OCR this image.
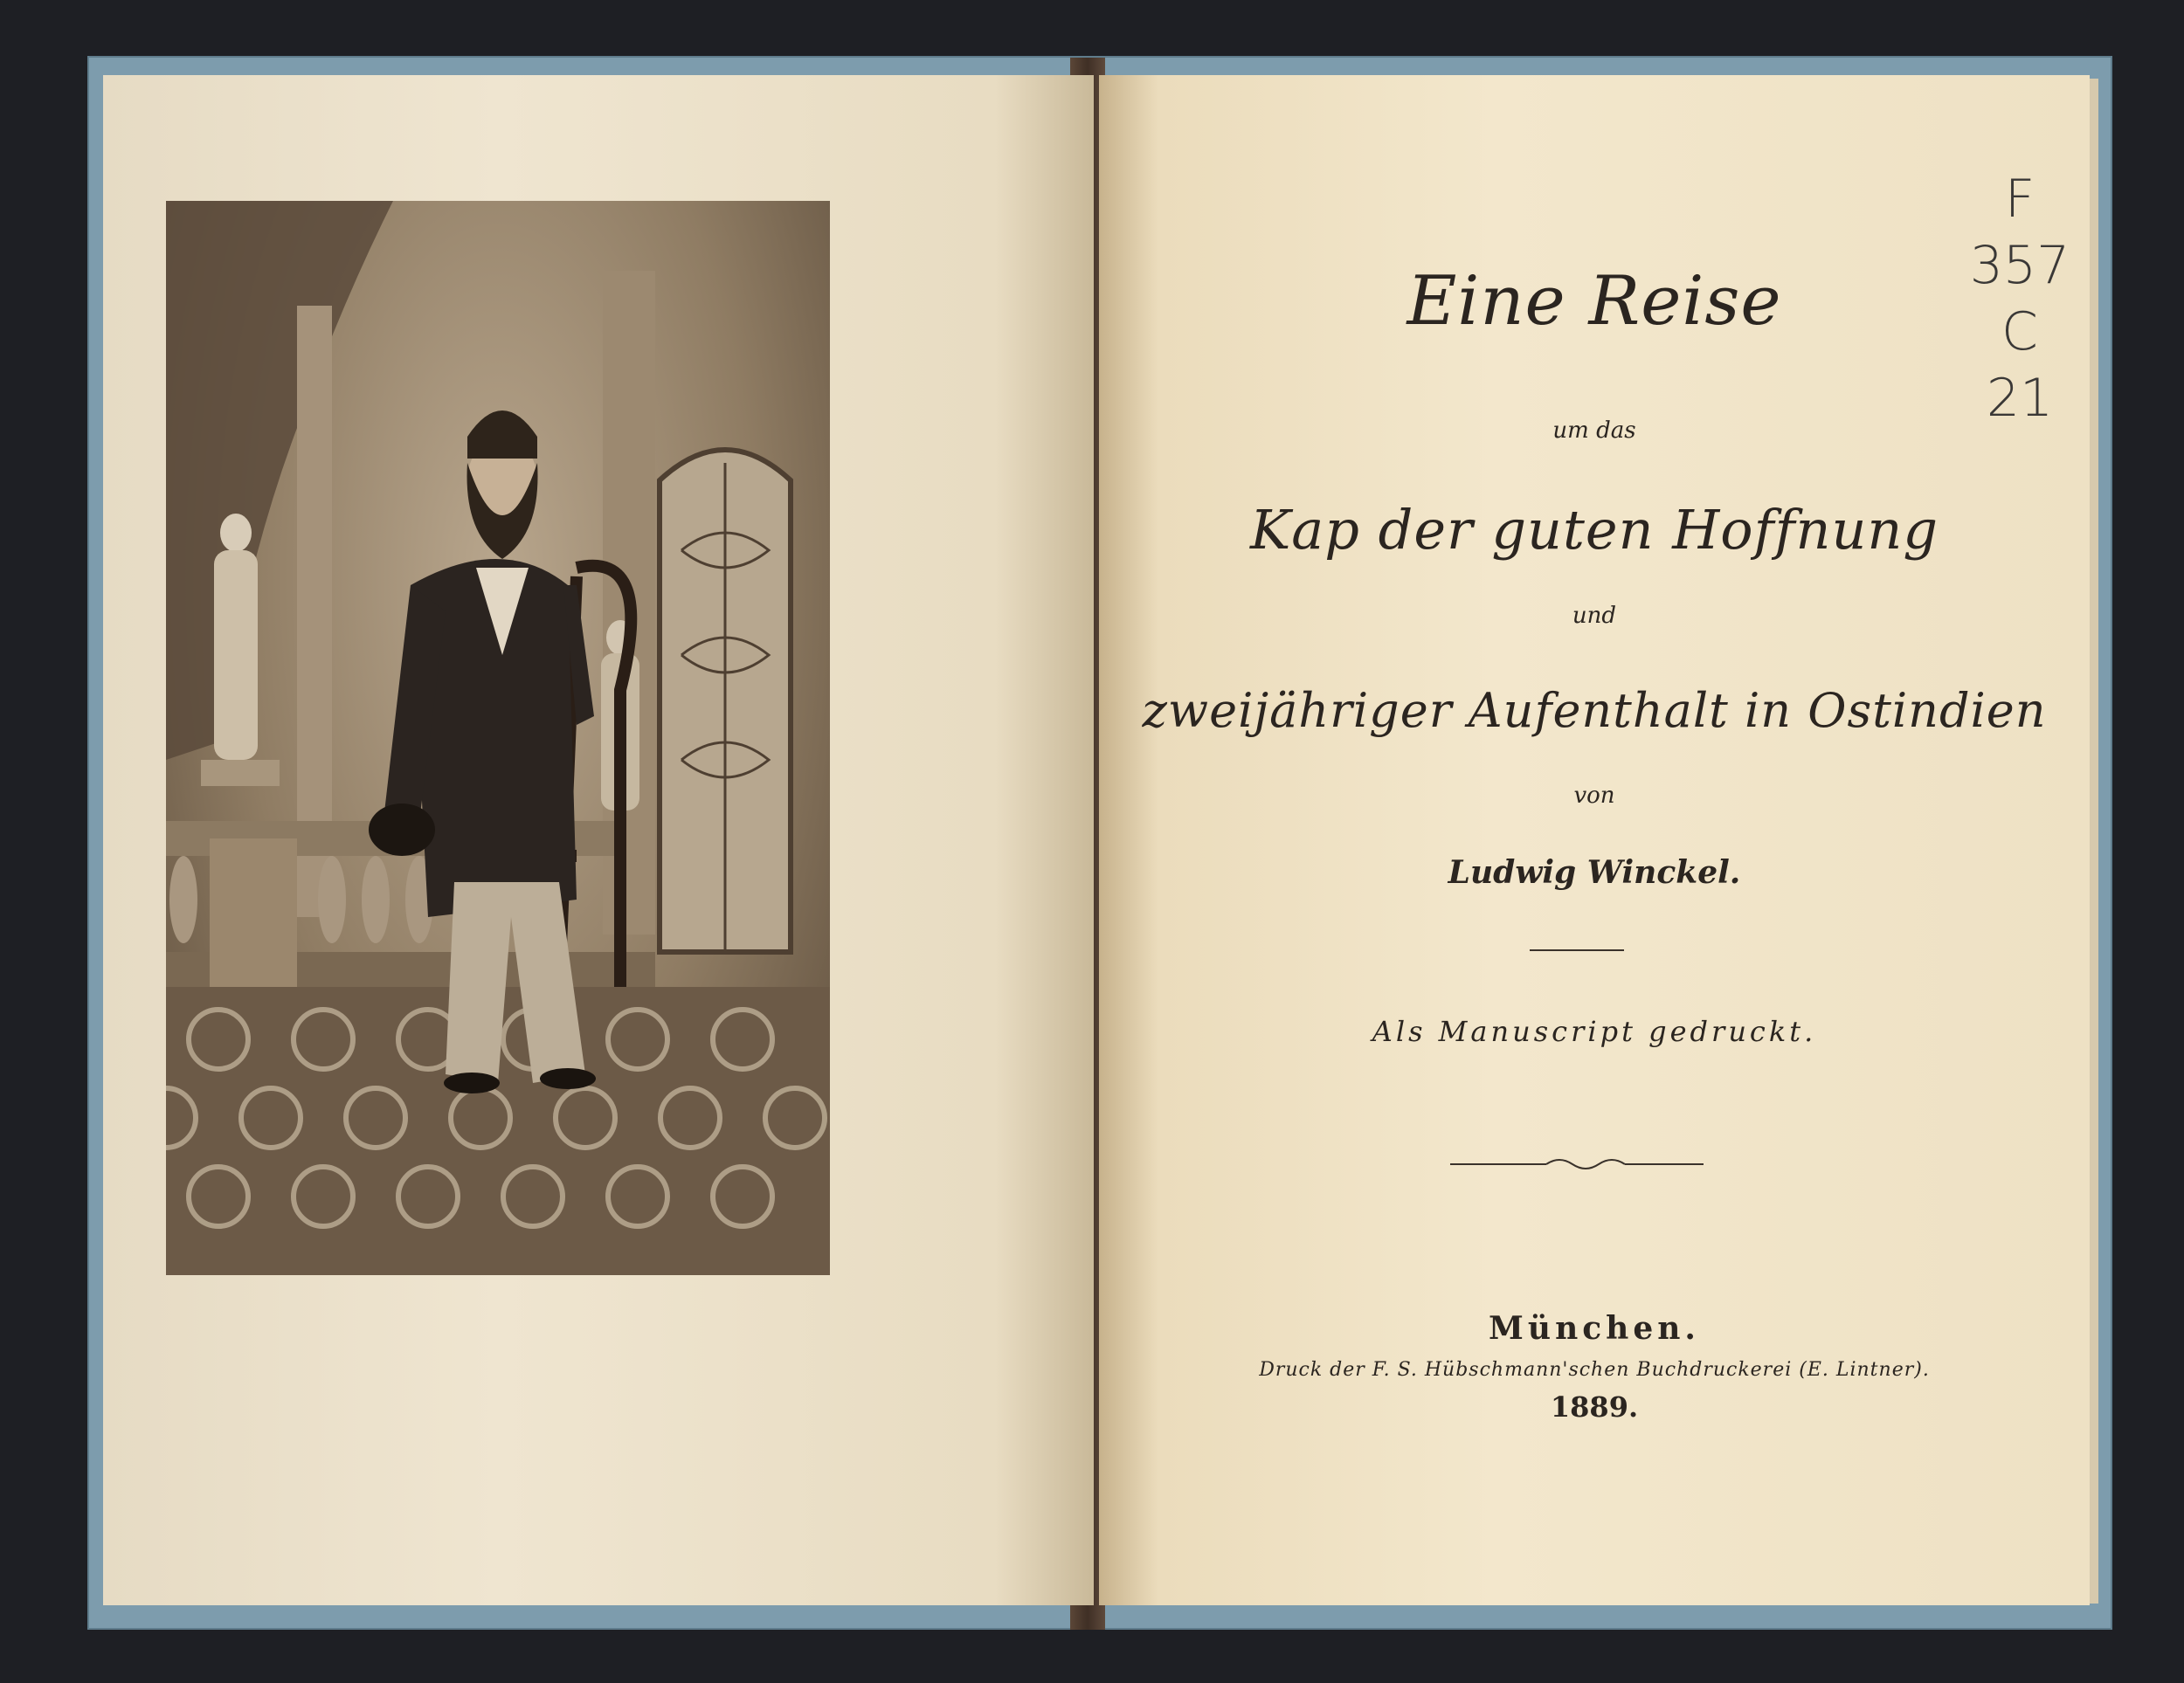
Eine Reise
um das
Kap der guten Hoffnung
und
zweijähriger Aufenthalt in Ostindien
von
Ludwig Winckel.
Als Manuscript gedruckt.
München.
Druck der F. S. Hübschmann'schen Buchdruckerei (E. Lintner).
1889.
F
357
C
21
